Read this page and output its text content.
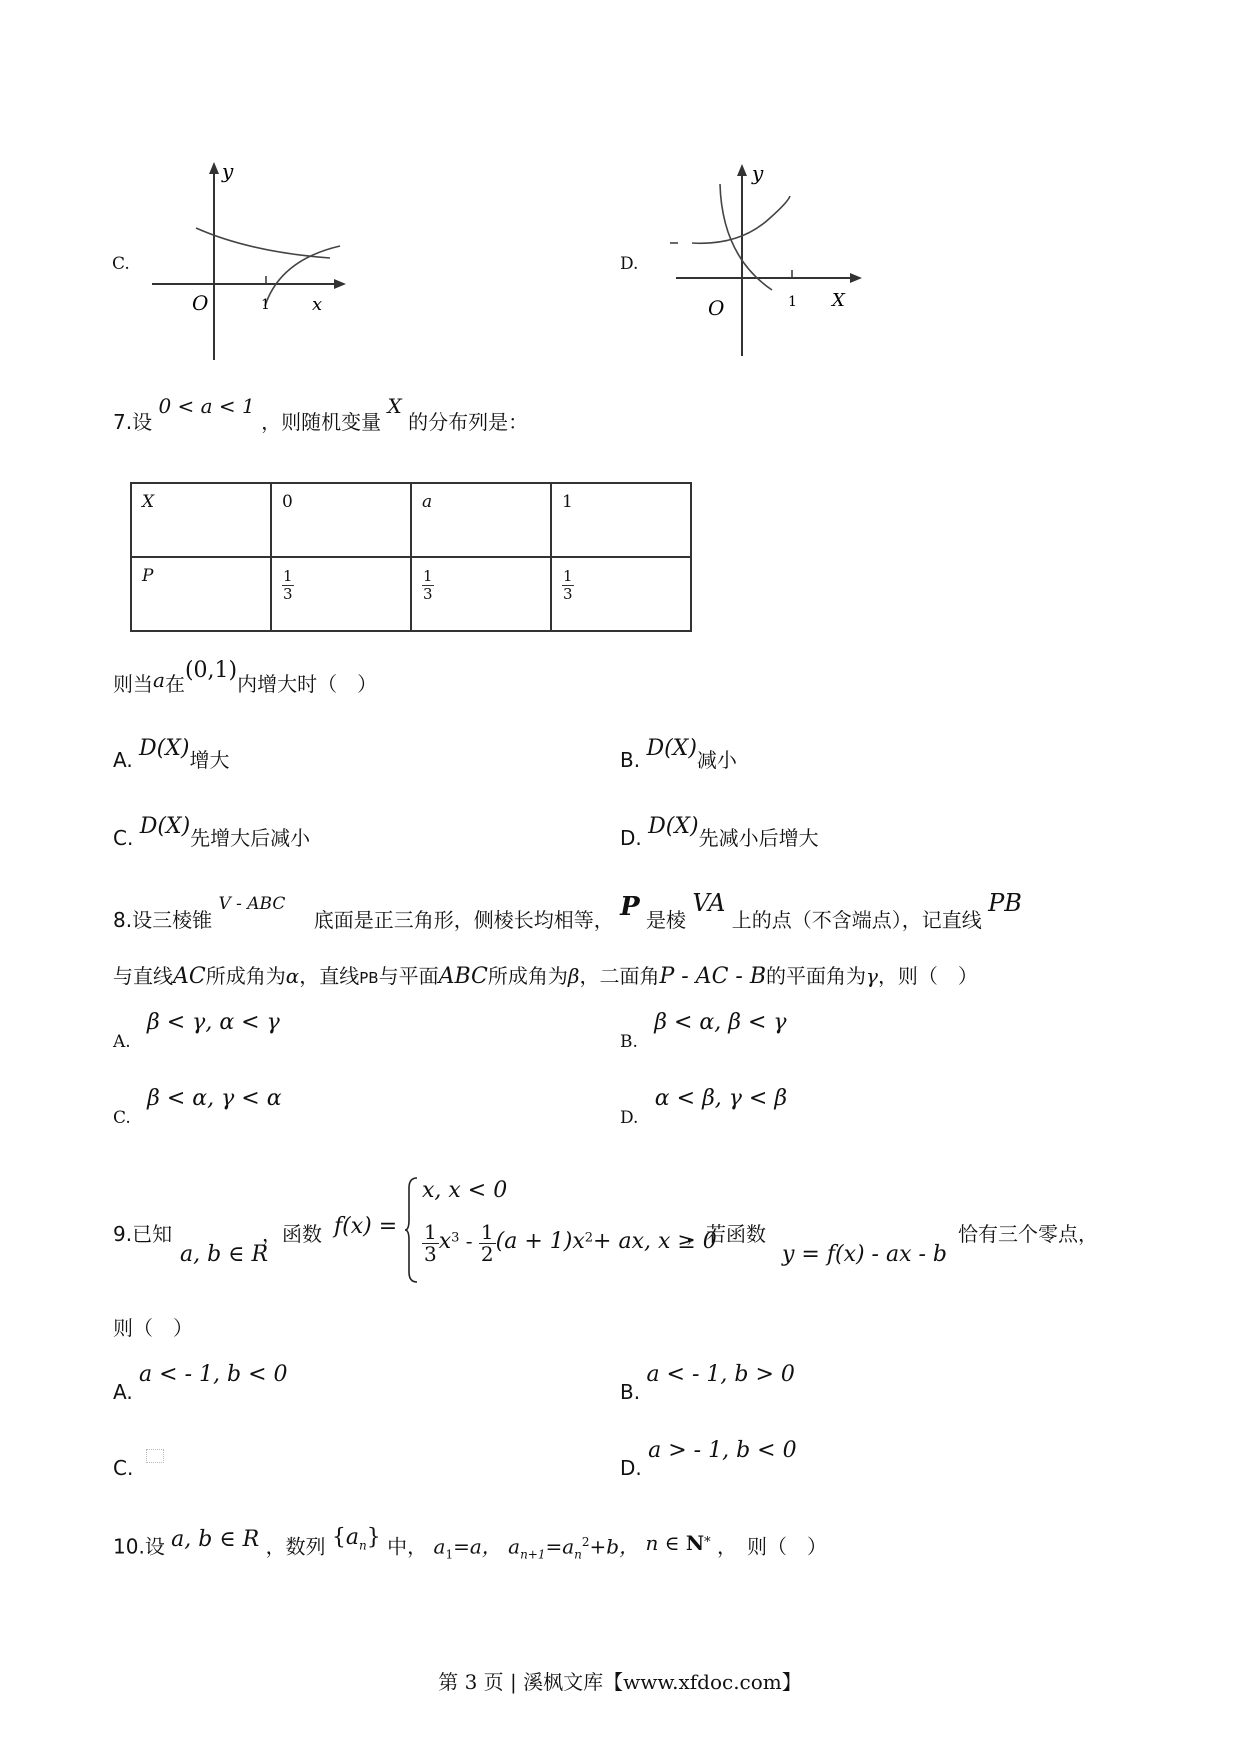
C.
y
O	1 x
D.
y
O	1 X
7.设 0 < a < 1 ，则随机变量 X 的分布列是：
X	0	a	1
P	$\frac{1}{3}$	$\frac{1}{3}$	$\frac{1}{3}$
则当a在(0,1)内增大时（　）
A. D(X)增大	B. D(X)减小
C. D(X)先增大后减小	D. D(X)先减小后增大
8.设三棱锥 $^{V - ABC}$ 底面是正三角形，侧棱长均相等， P 是棱 VA 上的点（不含端点），记直线 PB
与直线AC所成角为α，直线PB与平面ABC所成角为β，二面角P - AC - B的平面角为γ，则（　）
A. β < γ, α < γ
B. β < α, β < γ
C. β < α, γ < α
D. α < β, γ < β
9.已知
a, b ∈ R
，函数 f(x) =
x, x < 0
$\frac{1}{3} x^3 - \frac{1}{2} (a + 1)x^2+$ ax, x ≥ 0
，若函数
y = f(x) - ax - b
恰有三个零点，
则（　）
A. a < - 1, b < 0
B. a < - 1, b > 0
C.	D. a > - 1, b < 0
10.设 a, b ∈ R ，数列 $\{a_n\}$ 中， $a_1=a$， $a_{n+1}=a_n^2+b$， n ∈ N* ，　则（　）
第 3 页 | 溪枫文库【www.xfdoc.com】
